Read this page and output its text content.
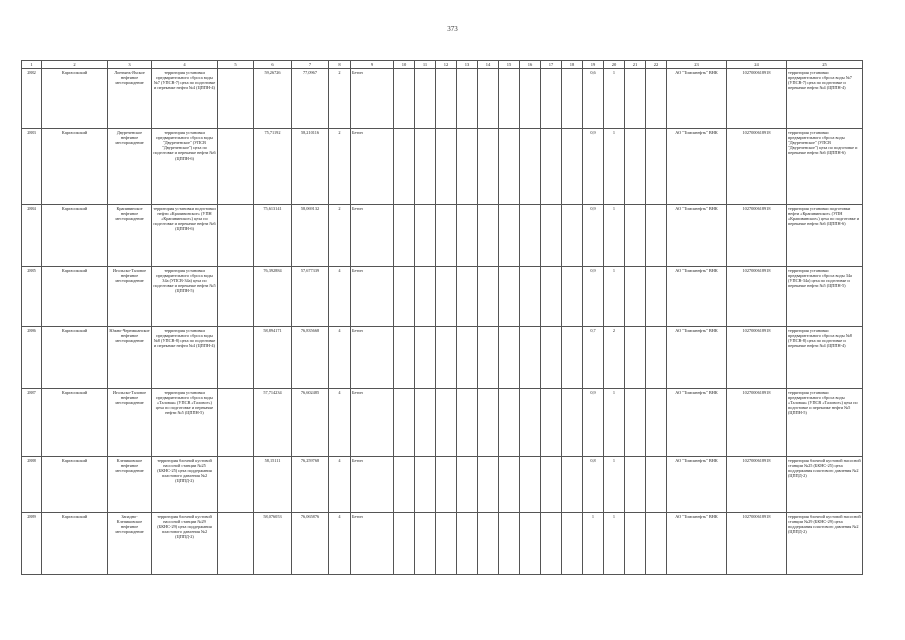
373
1	2	3	4	5	6	7	8	9	10	11	12	13	14	15	16	17	18	19	20	21	22	23	24	25
2882	Каргасокский	Лонтынь-Яхское нефтяное месторождение	территория установки предварительного сброса воды №7 (УПСВ-7) цеха по подготовке и перекачке нефти №4 (ЦППН-4)		59,26726	77,0967	2	Бетон										0,6	1			АО "Томскнефть" ВНК	1027000618918	территория установки предварительного сброса воды №7 (УПСВ-7) цеха по подготовке и перекачке нефти №4 (ЦППН-4)
2883	Каргасокский	Двуреченское нефтяное месторождение	территория установки предварительного сброса воды "Двуреченское" (УПСВ "Двуреченское") цеха по подготовке и перекачке нефти №6 (ЦППН-6)		75,71192	58,210116	2	Бетон										0,9	1			АО "Томскнефть" ВНК	1027000618918	территория установки предварительного сброса воды "Двуреченское" (УПСВ "Двуреченское") цеха по подготовке и перекачке нефти №6 (ЦППН-6)
2884	Каргасокский	Крапивинское нефтяное месторождение	территория установки подготовки нефти «Крапивинское» (УПН «Крапивинское») цеха по подготовке и перекачке нефти №6 (ЦППН-6)		75,613141	58,069132	2	Бетон										0,9	1			АО "Томскнефть" ВНК	1027000618918	территория установки подготовки нефти «Крапивинское» (УПН «Крапивинское») цеха по подготовке и перекачке нефти №6 (ЦППН-6)
2885	Каргасокский	Игольско-Таловое нефтяное месторождение	территория установки предварительного сброса воды 34а (УПСВ-34а) цеха по подготовке и перекачке нефти №5 (ЦППН-5)		76,392884	57,677339	4	Бетон										0,9	1			АО "Томскнефть" ВНК	1027000618918	территория установки предварительного сброса воды 34а (УПСВ-34а) цеха по подготовке и перекачке нефти №5 (ЦППН-5)
2886	Каргасокский	Южно-Черемшанское нефтяное месторождение	территория установки предварительного сброса воды №8 (УПСВ-8) цеха по подготовке и перекачке нефти №4 (ЦППН-4)		58,894171	76,835668	4	Бетон										0,7	2			АО "Томскнефть" ВНК	1027000618918	территория установки предварительного сброса воды №8 (УПСВ-8) цеха по подготовке и перекачке нефти №4 (ЦППН-4)
2887	Каргасокский	Игольско-Таловое нефтяное месторождение	территория установки предварительного сброса воды «Таловая» (УПСВ «Таловое») цеха по подготовке и перекачке нефти №5 (ЦППН-5)		57,714234	76,602485	4	Бетон										0,9	1			АО "Томскнефть" ВНК	1027000618918	территория установки предварительного сброса воды «Таловая» (УПСВ «Таловое») цеха по подготовке и перекачке нефти №5 (ЦППН-5)
2888	Каргасокский	Клепиковское нефтяное месторождение	территория блочной кустовой насосной станции №25 (БКНС-25) цеха поддержания пластового давления №2 (ЦППД-2)		58,15111	76,259768	4	Бетон										0,8	1			АО "Томскнефть" ВНК	1027000618918	территория блочной кустовой насосной станции №25 (БКНС-25) цеха поддержания пластового давления №2 (ЦППД-2)
2889	Каргасокский	Западно-Клепиковское нефтяное месторождение	территория блочной кустовой насосной станции №29 (БКНС-29) цеха поддержания пластового давления №2 (ЦППД-2)		58,076053	76,065876	4	Бетон										1	1			АО "Томскнефть" ВНК	1027000618918	территория блочной кустовой насосной станции №29 (БКНС-29) цеха поддержания пластового давления №2 (ЦППД-2)
